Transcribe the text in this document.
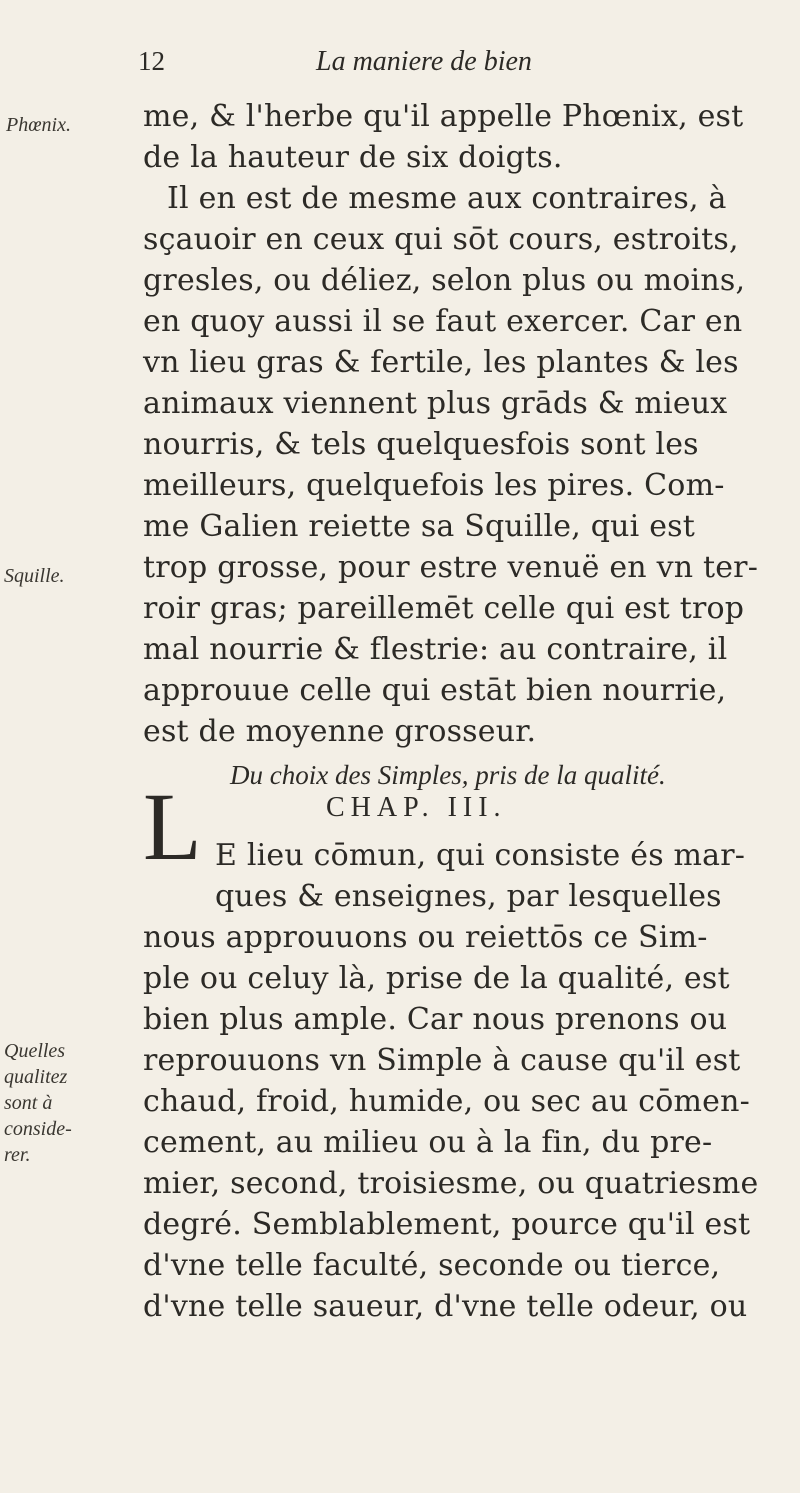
12	La maniere de bien
Phœnix.
Squille.
Quelles
qualitez
sont à
conside-
rer.
me, & l'herbe qu'il appelle Phœnix, est
de la hauteur de six doigts.
Il en est de mesme aux contraires, à
sçauoir en ceux qui sōt cours, estroits,
gresles, ou déliez, selon plus ou moins,
en quoy aussi il se faut exercer. Car en
vn lieu gras & fertile, les plantes & les
animaux viennent plus grāds & mieux
nourris, & tels quelquesfois sont les
meilleurs, quelquefois les pires. Com-
me Galien reiette sa Squille, qui est
trop grosse, pour estre venuë en vn ter-
roir gras; pareillemēt celle qui est trop
mal nourrie & flestrie: au contraire, il
approuue celle qui estāt bien nourrie,
est de moyenne grosseur.
Du choix des Simples, pris de la qualité.
CHAP. III.
L E lieu cōmun, qui consiste és mar-
ques & enseignes, par lesquelles
nous approuuons ou reiettōs ce Sim-
ple ou celuy là, prise de la qualité, est
bien plus ample. Car nous prenons ou
reprouuons vn Simple à cause qu'il est
chaud, froid, humide, ou sec au cōmen-
cement, au milieu ou à la fin, du pre-
mier, second, troisiesme, ou quatriesme
degré. Semblablement, pource qu'il est
d'vne telle faculté, seconde ou tierce,
d'vne telle saueur, d'vne telle odeur, ou
